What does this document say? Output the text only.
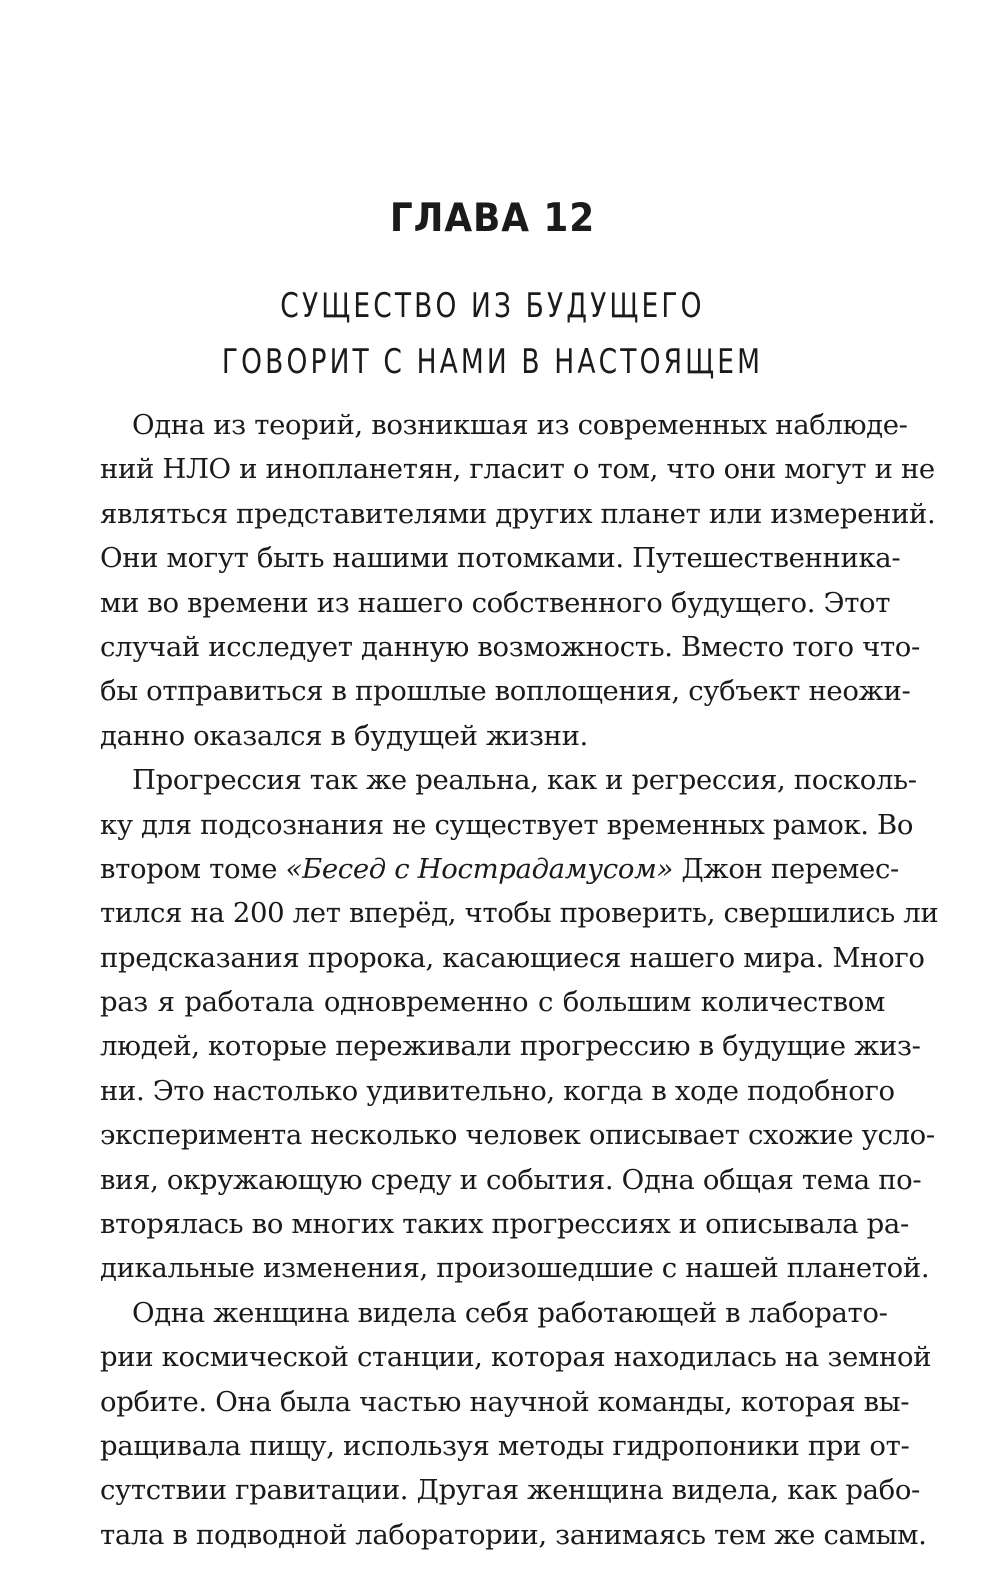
ГЛАВА 12
СУЩЕСТВО ИЗ БУДУЩЕГО
ГОВОРИТ С НАМИ В НАСТОЯЩЕМ
Одна из теорий, возникшая из современных наблюде-
ний НЛО и инопланетян, гласит о том, что они могут и не
являться представителями других планет или измерений.
Они могут быть нашими потомками. Путешественника-
ми во времени из нашего собственного будущего. Этот
случай исследует данную возможность. Вместо того что-
бы отправиться в прошлые воплощения, субъект неожи-
данно оказался в будущей жизни.
Прогрессия так же реальна, как и регрессия, посколь-
ку для подсознания не существует временных рамок. Во
втором томе «Бесед с Нострадамусом» Джон перемес-
тился на 200 лет вперёд, чтобы проверить, свершились ли
предсказания пророка, касающиеся нашего мира. Много
раз я работала одновременно с большим количеством
людей, которые переживали прогрессию в будущие жиз-
ни. Это настолько удивительно, когда в ходе подобного
эксперимента несколько человек описывает схожие усло-
вия, окружающую среду и события. Одна общая тема по-
вторялась во многих таких прогрессиях и описывала ра-
дикальные изменения, произошедшие с нашей планетой.
Одна женщина видела себя работающей в лаборато-
рии космической станции, которая находилась на земной
орбите. Она была частью научной команды, которая вы-
ращивала пищу, используя методы гидропоники при от-
сутствии гравитации. Другая женщина видела, как рабо-
тала в подводной лаборатории, занимаясь тем же самым.
